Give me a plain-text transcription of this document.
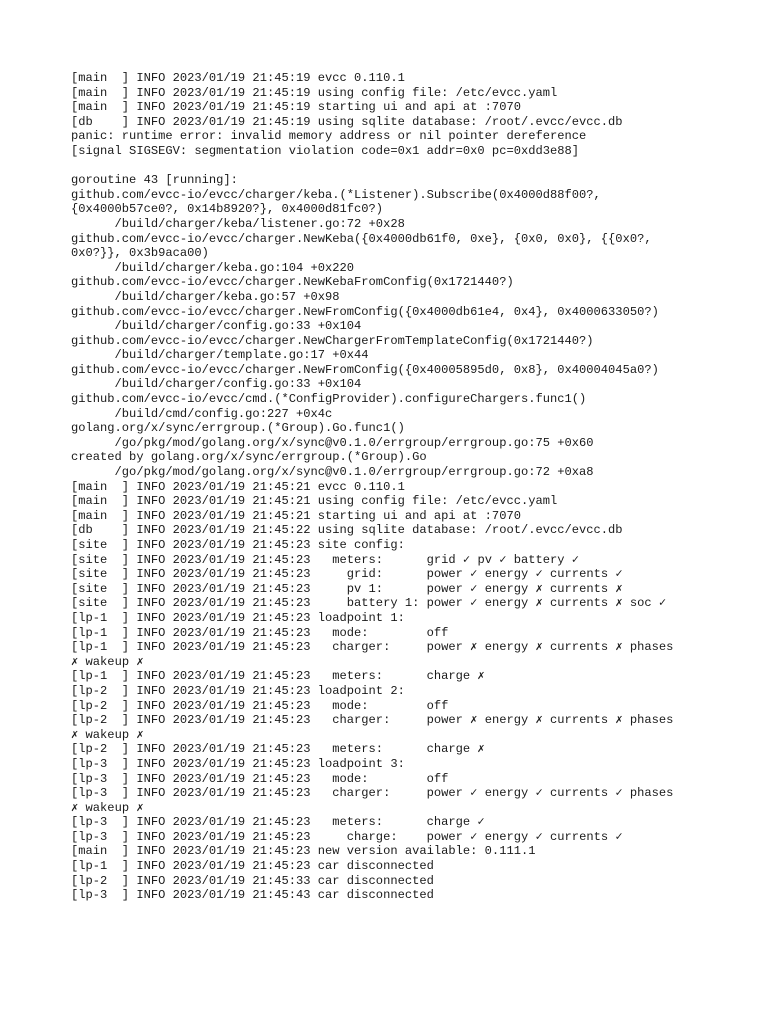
[main  ] INFO 2023/01/19 21:45:19 evcc 0.110.1
[main  ] INFO 2023/01/19 21:45:19 using config file: /etc/evcc.yaml
[main  ] INFO 2023/01/19 21:45:19 starting ui and api at :7070
[db    ] INFO 2023/01/19 21:45:19 using sqlite database: /root/.evcc/evcc.db
panic: runtime error: invalid memory address or nil pointer dereference
[signal SIGSEGV: segmentation violation code=0x1 addr=0x0 pc=0xdd3e88]
goroutine 43 [running]:
github.com/evcc-io/evcc/charger/keba.(*Listener).Subscribe(0x4000d88f00?,
{0x4000b57ce0?, 0x14b8920?}, 0x4000d81fc0?)
/build/charger/keba/listener.go:72 +0x28
github.com/evcc-io/evcc/charger.NewKeba({0x4000db61f0, 0xe}, {0x0, 0x0}, {{0x0?,
0x0?}}, 0x3b9aca00)
/build/charger/keba.go:104 +0x220
github.com/evcc-io/evcc/charger.NewKebaFromConfig(0x1721440?)
/build/charger/keba.go:57 +0x98
github.com/evcc-io/evcc/charger.NewFromConfig({0x4000db61e4, 0x4}, 0x4000633050?)
/build/charger/config.go:33 +0x104
github.com/evcc-io/evcc/charger.NewChargerFromTemplateConfig(0x1721440?)
/build/charger/template.go:17 +0x44
github.com/evcc-io/evcc/charger.NewFromConfig({0x40005895d0, 0x8}, 0x40004045a0?)
/build/charger/config.go:33 +0x104
github.com/evcc-io/evcc/cmd.(*ConfigProvider).configureChargers.func1()
/build/cmd/config.go:227 +0x4c
golang.org/x/sync/errgroup.(*Group).Go.func1()
/go/pkg/mod/golang.org/x/sync@v0.1.0/errgroup/errgroup.go:75 +0x60
created by golang.org/x/sync/errgroup.(*Group).Go
/go/pkg/mod/golang.org/x/sync@v0.1.0/errgroup/errgroup.go:72 +0xa8
[main  ] INFO 2023/01/19 21:45:21 evcc 0.110.1
[main  ] INFO 2023/01/19 21:45:21 using config file: /etc/evcc.yaml
[main  ] INFO 2023/01/19 21:45:21 starting ui and api at :7070
[db    ] INFO 2023/01/19 21:45:22 using sqlite database: /root/.evcc/evcc.db
[site  ] INFO 2023/01/19 21:45:23 site config:
[site  ] INFO 2023/01/19 21:45:23   meters:      grid ✓ pv ✓ battery ✓
[site  ] INFO 2023/01/19 21:45:23     grid:      power ✓ energy ✓ currents ✓
[site  ] INFO 2023/01/19 21:45:23     pv 1:      power ✓ energy ✗ currents ✗
[site  ] INFO 2023/01/19 21:45:23     battery 1: power ✓ energy ✗ currents ✗ soc ✓
[lp-1  ] INFO 2023/01/19 21:45:23 loadpoint 1:
[lp-1  ] INFO 2023/01/19 21:45:23   mode:        off
[lp-1  ] INFO 2023/01/19 21:45:23   charger:     power ✗ energy ✗ currents ✗ phases
✗ wakeup ✗
[lp-1  ] INFO 2023/01/19 21:45:23   meters:      charge ✗
[lp-2  ] INFO 2023/01/19 21:45:23 loadpoint 2:
[lp-2  ] INFO 2023/01/19 21:45:23   mode:        off
[lp-2  ] INFO 2023/01/19 21:45:23   charger:     power ✗ energy ✗ currents ✗ phases
✗ wakeup ✗
[lp-2  ] INFO 2023/01/19 21:45:23   meters:      charge ✗
[lp-3  ] INFO 2023/01/19 21:45:23 loadpoint 3:
[lp-3  ] INFO 2023/01/19 21:45:23   mode:        off
[lp-3  ] INFO 2023/01/19 21:45:23   charger:     power ✓ energy ✓ currents ✓ phases
✗ wakeup ✗
[lp-3  ] INFO 2023/01/19 21:45:23   meters:      charge ✓
[lp-3  ] INFO 2023/01/19 21:45:23     charge:    power ✓ energy ✓ currents ✓
[main  ] INFO 2023/01/19 21:45:23 new version available: 0.111.1
[lp-1  ] INFO 2023/01/19 21:45:23 car disconnected
[lp-2  ] INFO 2023/01/19 21:45:33 car disconnected
[lp-3  ] INFO 2023/01/19 21:45:43 car disconnected
